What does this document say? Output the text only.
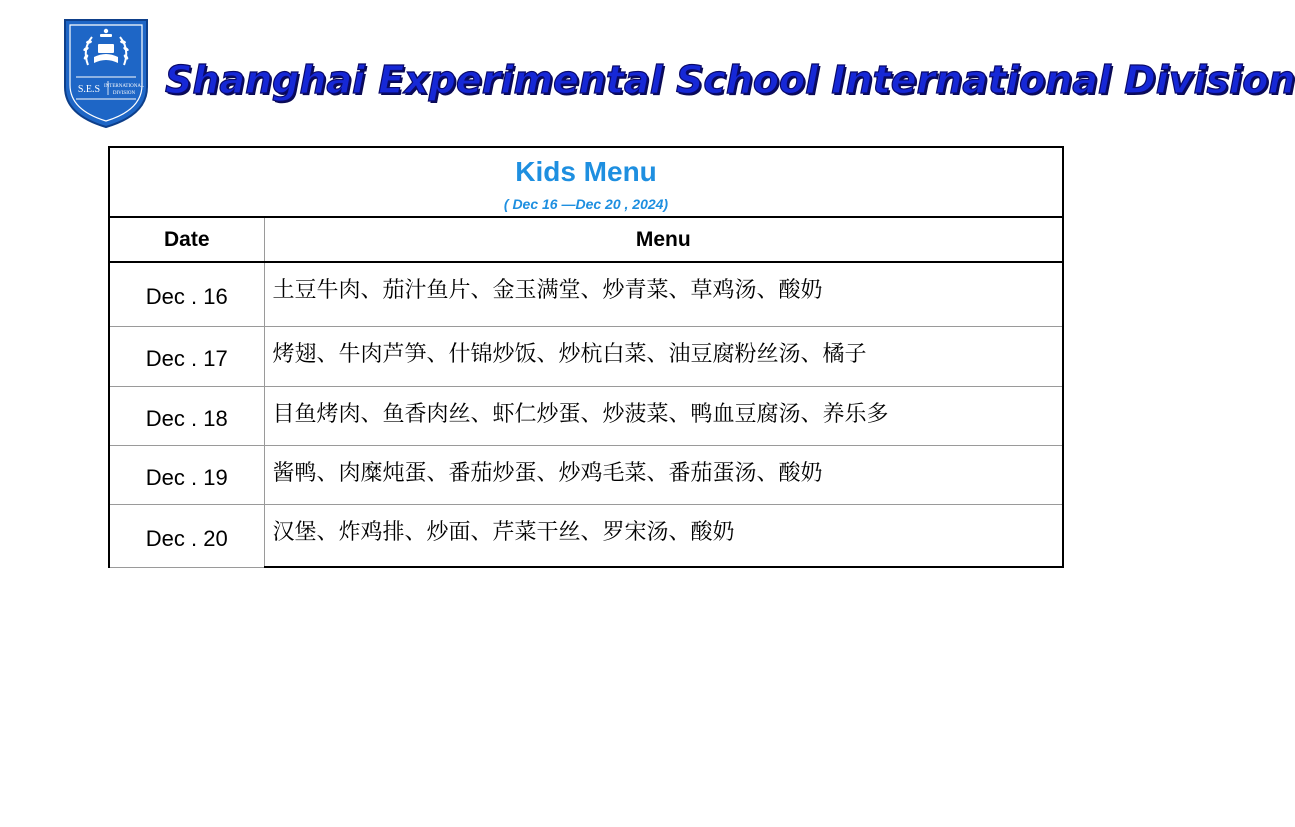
S.E.S INTERNATIONAL
DIVISION Shanghai Experimental School International Division
Kids Menu
( Dec 16 —Dec 20 , 2024)	

Date	Menu
Dec . 16	土豆牛肉、茄汁鱼片、金玉满堂、炒青菜、草鸡汤、酸奶
Dec . 17	烤翅、牛肉芦笋、什锦炒饭、炒杭白菜、油豆腐粉丝汤、橘子
Dec . 18	目鱼烤肉、鱼香肉丝、虾仁炒蛋、炒菠菜、鸭血豆腐汤、养乐多
Dec . 19	酱鸭、肉糜炖蛋、番茄炒蛋、炒鸡毛菜、番茄蛋汤、酸奶
Dec . 20	汉堡、炸鸡排、炒面、芹菜干丝、罗宋汤、酸奶
